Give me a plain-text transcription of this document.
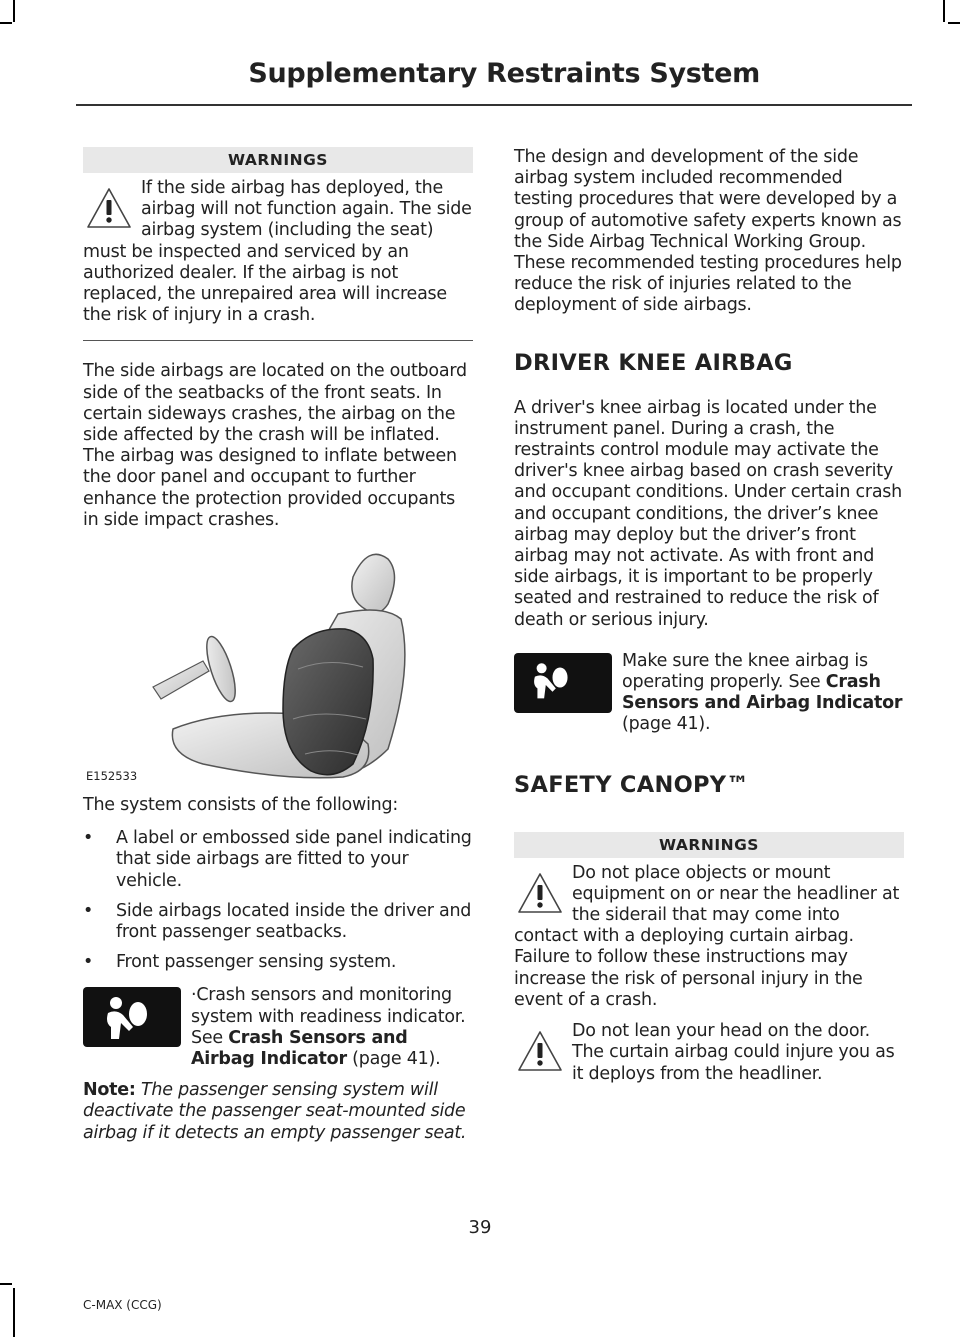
Supplementary Restraints System
WARNINGS

If the side airbag has deployed, the airbag will not function again. The side airbag system (including the seat) must be inspected and serviced by an authorized dealer. If the airbag is not replaced, the unrepaired area will increase the risk of injury in a crash.

The side airbags are located on the outboard side of the seatbacks of the front seats. In certain sideways crashes, the airbag on the side affected by the crash will be inflated. The airbag was designed to inflate between the door panel and occupant to further enhance the protection provided occupants in side impact crashes.

E152533

The system consists of the following:

• A label or embossed side panel indicating that side airbags are fitted to your vehicle.
• Side airbags located inside the driver and front passenger seatbacks.
• Front passenger sensing system.

·Crash sensors and monitoring system with readiness indicator. See Crash Sensors and Airbag Indicator (page 41).

Note: The passenger sensing system will deactivate the passenger seat-mounted side airbag if it detects an empty passenger seat.

The design and development of the side airbag system included recommended testing procedures that were developed by a group of automotive safety experts known as the Side Airbag Technical Working Group. These recommended testing procedures help reduce the risk of injuries related to the deployment of side airbags.

DRIVER KNEE AIRBAG

A driver's knee airbag is located under the instrument panel. During a crash, the restraints control module may activate the driver's knee airbag based on crash severity and occupant conditions. Under certain crash and occupant conditions, the driver’s knee airbag may deploy but the driver’s front airbag may not activate. As with front and side airbags, it is important to be properly seated and restrained to reduce the risk of death or serious injury.

Make sure the knee airbag is operating properly. See Crash Sensors and Airbag Indicator (page 41).

SAFETY CANOPY™
WARNINGS

Do not place objects or mount equipment on or near the headliner at the siderail that may come into contact with a deploying curtain airbag. Failure to follow these instructions may increase the risk of personal injury in the event of a crash.

Do not lean your head on the door. The curtain airbag could injure you as it deploys from the headliner.

39
C-MAX (CCG)
